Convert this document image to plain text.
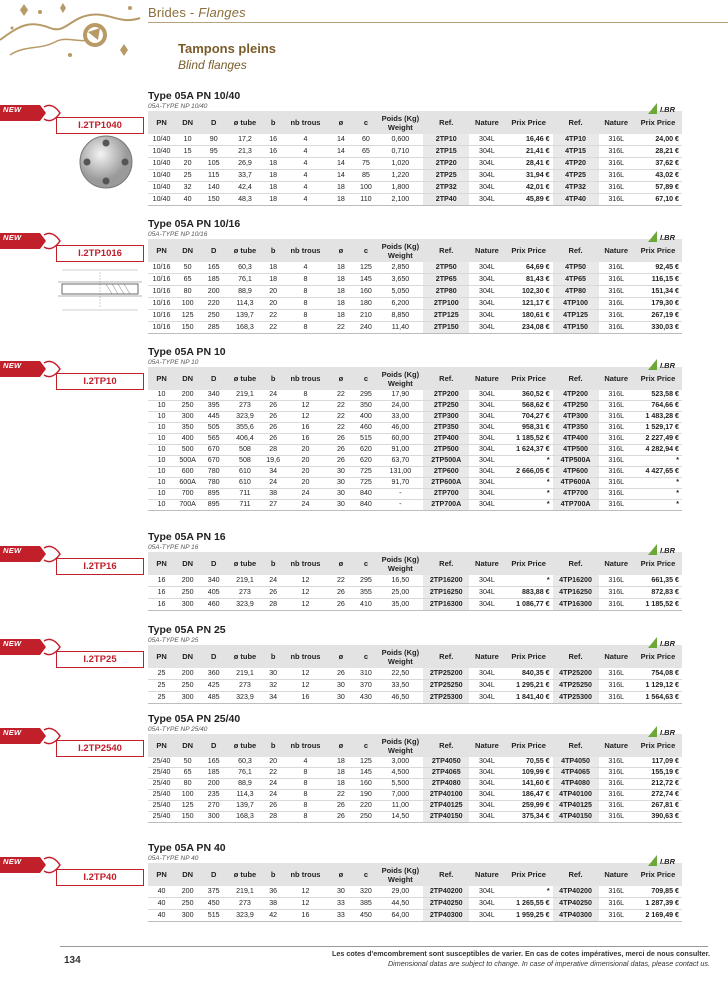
Brides - Flanges
Tampons pleins
Blind flanges
NEW
I.2TP1040
Type 05A PN 10/40
05A-TYPE NP 10/40	I.BR
PN	DN	D	ø tube	b	nb trous	ø	c	Poids (Kg) Weight	Ref.	Nature	Prix Price	Ref.	Nature	Prix Price
10/40	10	90	17,2	16	4	14	60	0,600	2TP10	304L	16,46 €	4TP10	316L	24,00 €
10/40	15	95	21,3	16	4	14	65	0,710	2TP15	304L	21,41 €	4TP15	316L	28,21 €
10/40	20	105	26,9	18	4	14	75	1,020	2TP20	304L	28,41 €	4TP20	316L	37,62 €
10/40	25	115	33,7	18	4	14	85	1,220	2TP25	304L	31,94 €	4TP25	316L	43,02 €
10/40	32	140	42,4	18	4	18	100	1,800	2TP32	304L	42,01 €	4TP32	316L	57,89 €
10/40	40	150	48,3	18	4	18	110	2,100	2TP40	304L	45,89 €	4TP40	316L	67,10 €
NEW
I.2TP1016
Type 05A PN 10/16
05A-TYPE NP 10/16	I.BR
PN	DN	D	ø tube	b	nb trous	ø	c	Poids (Kg) Weight	Ref.	Nature	Prix Price	Ref.	Nature	Prix Price
10/16	50	165	60,3	18	4	18	125	2,850	2TP50	304L	64,69 €	4TP50	316L	92,45 €
10/16	65	185	76,1	18	8	18	145	3,650	2TP65	304L	81,43 €	4TP65	316L	116,15 €
10/16	80	200	88,9	20	8	18	160	5,050	2TP80	304L	102,30 €	4TP80	316L	151,34 €
10/16	100	220	114,3	20	8	18	180	6,200	2TP100	304L	121,17 €	4TP100	316L	179,30 €
10/16	125	250	139,7	22	8	18	210	8,850	2TP125	304L	180,61 €	4TP125	316L	267,19 €
10/16	150	285	168,3	22	8	22	240	11,40	2TP150	304L	234,08 €	4TP150	316L	330,03 €
NEW
I.2TP10
Type 05A PN 10
05A-TYPE NP 10	I.BR
PN	DN	D	ø tube	b	nb trous	ø	c	Poids (Kg) Weight	Ref.	Nature	Prix Price	Ref.	Nature	Prix Price
10	200	340	219,1	24	8	22	295	17,90	2TP200	304L	360,52 €	4TP200	316L	523,58 €
10	250	395	273	26	12	22	350	24,00	2TP250	304L	568,62 €	4TP250	316L	764,66 €
10	300	445	323,9	26	12	22	400	33,00	2TP300	304L	704,27 €	4TP300	316L	1 483,28 €
10	350	505	355,6	26	16	22	460	46,00	2TP350	304L	958,31 €	4TP350	316L	1 529,17 €
10	400	565	406,4	26	16	26	515	60,00	2TP400	304L	1 185,52 €	4TP400	316L	2 227,49 €
10	500	670	508	28	20	26	620	91,00	2TP500	304L	1 624,37 €	4TP500	316L	4 282,94 €
10	500A	670	508	19,6	20	26	620	63,70	2TP500A	304L	*	4TP500A	316L	*
10	600	780	610	34	20	30	725	131,00	2TP600	304L	2 666,05 €	4TP600	316L	4 427,65 €
10	600A	780	610	24	20	30	725	91,70	2TP600A	304L	*	4TP600A	316L	*
10	700	895	711	38	24	30	840	-	2TP700	304L	*	4TP700	316L	*
10	700A	895	711	27	24	30	840	-	2TP700A	304L	*	4TP700A	316L	*
NEW
I.2TP16
Type 05A PN 16
05A-TYPE NP 16	I.BR
PN	DN	D	ø tube	b	nb trous	ø	c	Poids (Kg) Weight	Ref.	Nature	Prix Price	Ref.	Nature	Prix Price
16	200	340	219,1	24	12	22	295	16,50	2TP16200	304L	*	4TP16200	316L	661,35 €
16	250	405	273	26	12	26	355	25,00	2TP16250	304L	883,88 €	4TP16250	316L	872,83 €
16	300	460	323,9	28	12	26	410	35,00	2TP16300	304L	1 086,77 €	4TP16300	316L	1 185,52 €
NEW
I.2TP25
Type 05A PN 25
05A-TYPE NP 25	I.BR
PN	DN	D	ø tube	b	nb trous	ø	c	Poids (Kg) Weight	Ref.	Nature	Prix Price	Ref.	Nature	Prix Price
25	200	360	219,1	30	12	26	310	22,50	2TP25200	304L	840,35 €	4TP25200	316L	754,08 €
25	250	425	273	32	12	30	370	33,50	2TP25250	304L	1 295,21 €	4TP25250	316L	1 129,12 €
25	300	485	323,9	34	16	30	430	46,50	2TP25300	304L	1 841,40 €	4TP25300	316L	1 564,63 €
NEW
I.2TP2540
Type 05A PN 25/40
05A-TYPE NP 25/40	I.BR
PN	DN	D	ø tube	b	nb trous	ø	c	Poids (Kg) Weight	Ref.	Nature	Prix Price	Ref.	Nature	Prix Price
25/40	50	165	60,3	20	4	18	125	3,000	2TP4050	304L	70,55 €	4TP4050	316L	117,09 €
25/40	65	185	76,1	22	8	18	145	4,500	2TP4065	304L	109,99 €	4TP4065	316L	155,19 €
25/40	80	200	88,9	24	8	18	160	5,500	2TP4080	304L	141,60 €	4TP4080	316L	212,72 €
25/40	100	235	114,3	24	8	22	190	7,000	2TP40100	304L	186,47 €	4TP40100	316L	272,74 €
25/40	125	270	139,7	26	8	26	220	11,00	2TP40125	304L	259,99 €	4TP40125	316L	267,81 €
25/40	150	300	168,3	28	8	26	250	14,50	2TP40150	304L	375,34 €	4TP40150	316L	390,63 €
NEW
I.2TP40
Type 05A PN 40
05A-TYPE NP 40	I.BR
PN	DN	D	ø tube	b	nb trous	ø	c	Poids (Kg) Weight	Ref.	Nature	Prix Price	Ref.	Nature	Prix Price
40	200	375	219,1	36	12	30	320	29,00	2TP40200	304L	*	4TP40200	316L	709,85 €
40	250	450	273	38	12	33	385	44,50	2TP40250	304L	1 265,55 €	4TP40250	316L	1 287,39 €
40	300	515	323,9	42	16	33	450	64,00	2TP40300	304L	1 959,25 €	4TP40300	316L	2 169,49 €
134
Les cotes d'emcombrement sont susceptibles de varier. En cas de cotes impératives, merci de nous consulter.
Dimensional datas are subject to change. In case of imperative dimensional datas, please contact us.
